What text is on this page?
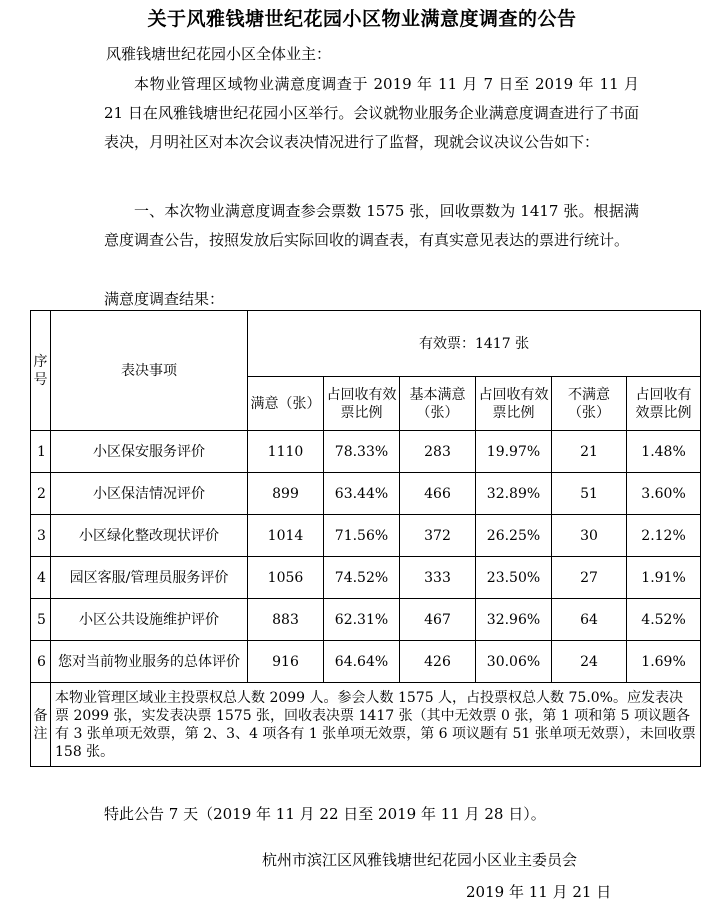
关于风雅钱塘世纪花园小区物业满意度调查的公告
风雅钱塘世纪花园小区全体业主：
本物业管理区域物业满意度调查于 2019 年 11 月 7 日至 2019 年 11 月 21 日在风雅钱塘世纪花园小区举行。会议就物业服务企业满意度调查进行了书面表决，月明社区对本次会议表决情况进行了监督，现就会议决议公告如下：
一、本次物业满意度调查参会票数 1575 张，回收票数为 1417 张。根据满意度调查公告，按照发放后实际回收的调查表，有真实意见表达的票进行统计。
满意度调查结果：
序号	表决事项	有效票：1417 张					
		满意（张）	占回收有效票比例	基本满意（张）	占回收有效票比例	不满意（张）	占回收有效票比例
1	小区保安服务评价	1110	78.33%	283	19.97%	21	1.48%
2	小区保洁情况评价	899	63.44%	466	32.89%	51	3.60%
3	小区绿化整改现状评价	1014	71.56%	372	26.25%	30	2.12%
4	园区客服/管理员服务评价	1056	74.52%	333	23.50%	27	1.91%
5	小区公共设施维护评价	883	62.31%	467	32.96%	64	4.52%
6	您对当前物业服务的总体评价	916	64.64%	426	30.06%	24	1.69%
备注	本物业管理区域业主投票权总人数 2099 人。参会人数 1575 人，占投票权总人数 75.0%。应发表决票 2099 张，实发表决票 1575 张，回收表决票 1417 张（其中无效票 0 张，第 1 项和第 5 项议题各有 3 张单项无效票，第 2、3、4 项各有 1 张单项无效票，第 6 项议题有 51 张单项无效票），未回收票 158 张。						
特此公告 7 天（2019 年 11 月 22 日至 2019 年 11 月 28 日）。
杭州市滨江区风雅钱塘世纪花园小区业主委员会
2019 年 11 月 21 日
